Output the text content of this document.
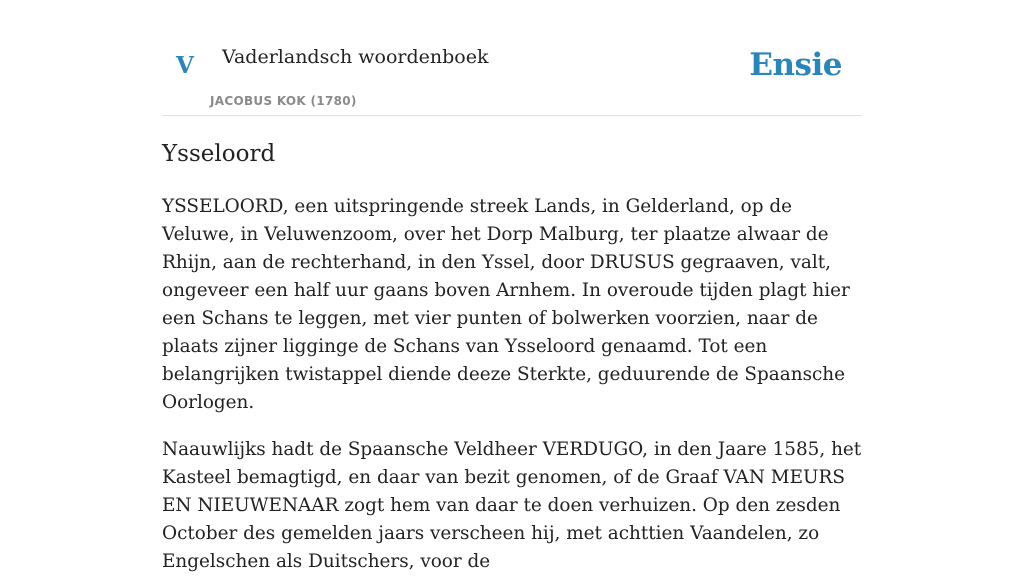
V Vaderlandsch woordenboek
JACOBUS KOK (1780)
Ensie
Ysseloord

YSSELOORD, een uitspringende streek Lands, in Gelderland, op de Veluwe, in Veluwenzoom, over het Dorp Malburg, ter plaatze alwaar de Rhijn, aan de rechterhand, in den Yssel, door DRUSUS gegraaven, valt, ongeveer een half uur gaans boven Arnhem. In overoude tijden plagt hier een Schans te leggen, met vier punten of bolwerken voorzien, naar de plaats zijner ligginge de Schans van Ysseloord genaamd. Tot een belangrijken twistappel diende deeze Sterkte, geduurende de Spaansche Oorlogen.

Naauwlijks hadt de Spaansche Veldheer VERDUGO, in den Jaare 1585, het Kasteel bemagtigd, en daar van bezit genomen, of de Graaf VAN MEURS EN NIEUWENAAR zogt hem van daar te doen verhuizen. Op den zesden October des gemelden jaars verscheen hij, met achttien Vaandelen, zo Engelschen als Duitschers, voor de
